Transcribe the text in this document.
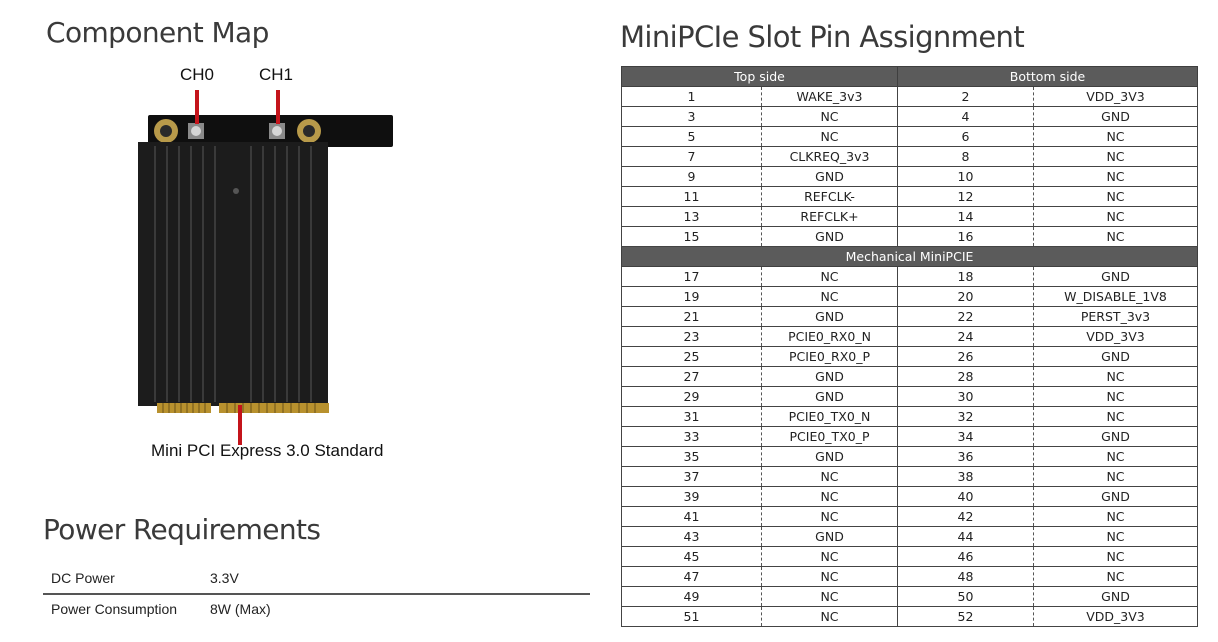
Component Map
CH0	CH1
Mini PCI Express 3.0 Standard
Power Requirements
DC Power	3.3V
Power Consumption 8W (Max)
MiniPCIe Slot Pin Assignment
Top side		Bottom side	
1	WAKE_3v3	2	VDD_3V3
3	NC	4	GND
5	NC	6	NC
7	CLKREQ_3v3	8	NC
9	GND	10	NC
11	REFCLK-	12	NC
13	REFCLK+	14	NC
15	GND	16	NC
Mechanical MiniPCIE			
17	NC	18	GND
19	NC	20	W_DISABLE_1V8
21	GND	22	PERST_3v3
23	PCIE0_RX0_N	24	VDD_3V3
25	PCIE0_RX0_P	26	GND
27	GND	28	NC
29	GND	30	NC
31	PCIE0_TX0_N	32	NC
33	PCIE0_TX0_P	34	GND
35	GND	36	NC
37	NC	38	NC
39	NC	40	GND
41	NC	42	NC
43	GND	44	NC
45	NC	46	NC
47	NC	48	NC
49	NC	50	GND
51	NC	52	VDD_3V3
